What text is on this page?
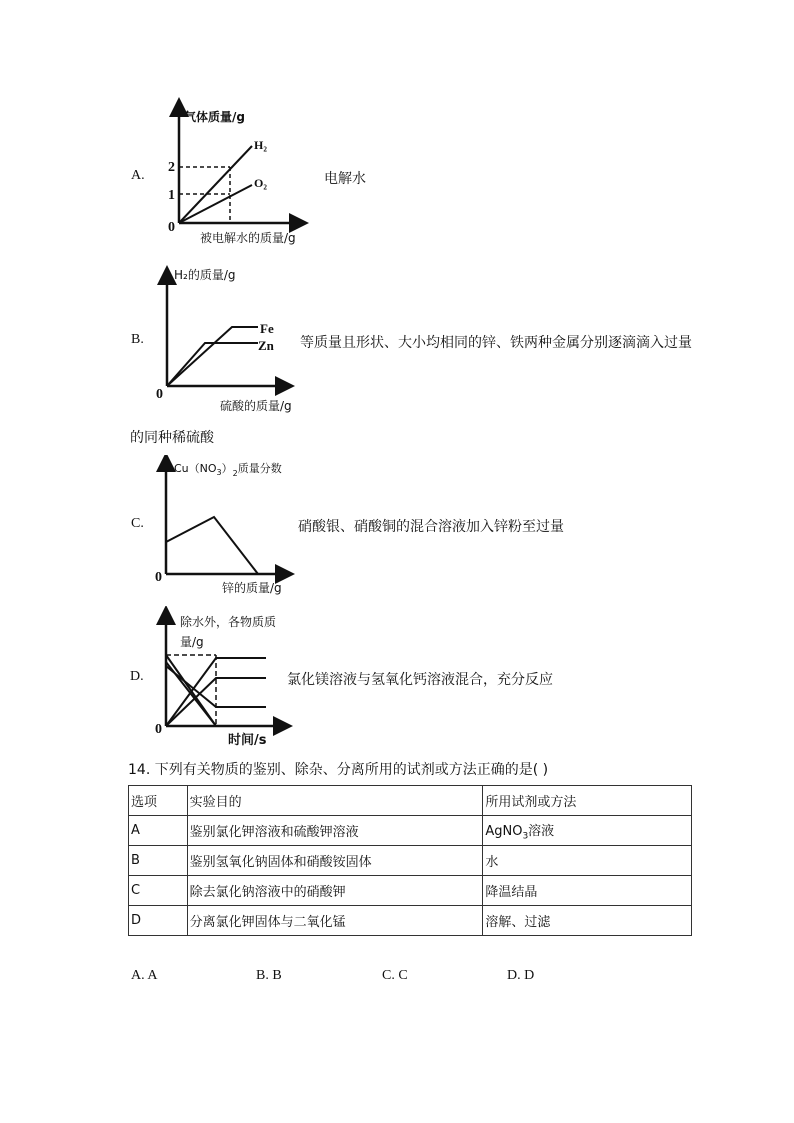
A.
气体质量/g
2
1
0
H₂
O₂
被电解水的质量/g
电解水
B.
H₂的质量/g
0
Fe
Zn
硫酸的质量/g
等质量且形状、大小均相同的锌、铁两种金属分别逐滴滴入过量
的同种稀硫酸
C.
$Cu(NO_3)_2$质量分数
0
锌的质量/g
硝酸银、硝酸铜的混合溶液加入锌粉至过量
D.
除水外，各物质质
量/g
0
时间/s
氯化镁溶液与氢氧化钙溶液混合，充分反应
14. 下列有关物质的鉴别、除杂、分离所用的试剂或方法正确的是( )
选项	实验目的	所用试剂或方法
A	鉴别氯化钾溶液和硫酸钾溶液	AgNO$_3$溶液
B	鉴别氢氧化钠固体和硝酸铵固体	水
C	除去氯化钠溶液中的硝酸钾	降温结晶
D	分离氯化钾固体与二氧化锰	溶解、过滤
A. A	B. B	C. C	D. D
